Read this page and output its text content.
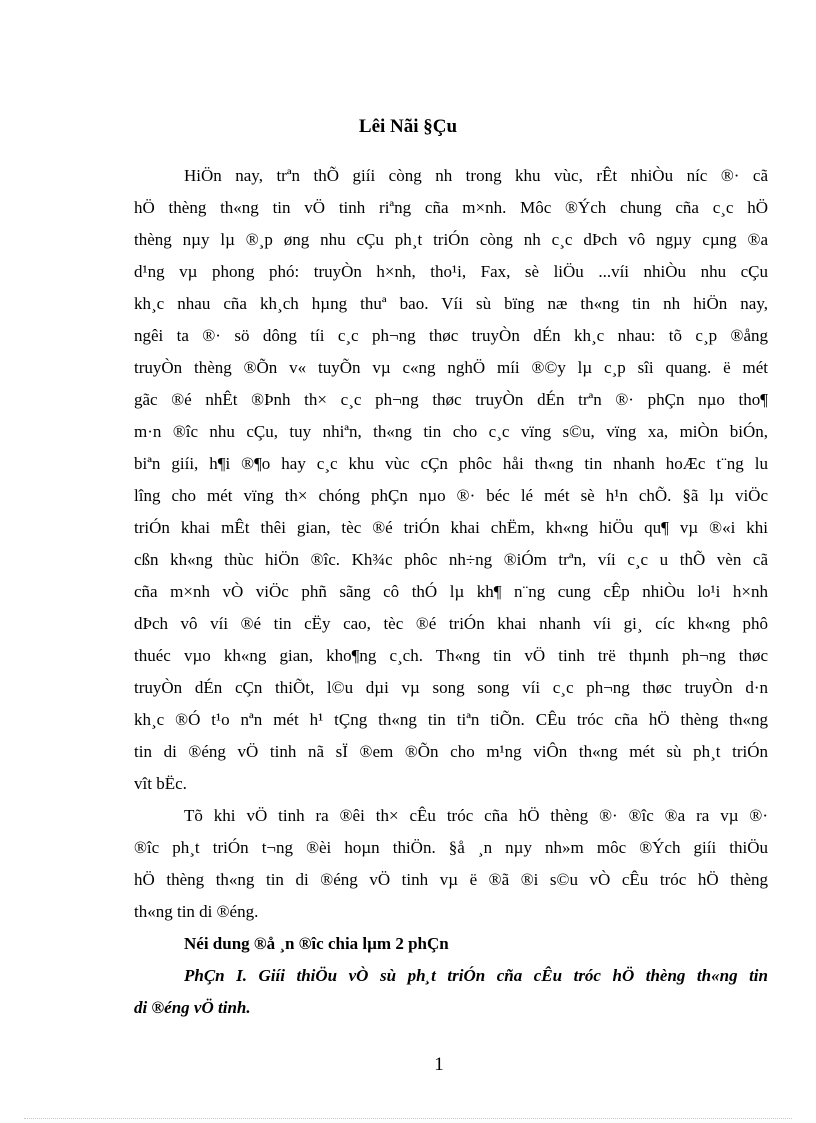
Lêi Nãi §Çu
HiÖn nay, trªn thÕ giíi còng nh trong khu vùc, rÊt nhiÒu níc ®· cã
hÖ thèng th«ng tin vÖ tinh riªng cña m×nh. Môc ®Ých chung cña c¸c hÖ
thèng nµy lµ ®¸p øng nhu cÇu ph¸t triÓn còng nh c¸c dÞch vô ngµy cµng ®a
d¹ng vµ phong phó: truyÒn h×nh, tho¹i, Fax, sè liÖu ...víi nhiÒu nhu cÇu
kh¸c nhau cña kh¸ch hµng thuª bao. Víi sù bïng næ th«ng tin nh hiÖn nay,
ngêi ta ®· sö dông tíi c¸c ph¬ng thøc truyÒn dÉn kh¸c nhau: tõ c¸p ®ång
truyÒn thèng ®Õn v« tuyÕn vµ c«ng nghÖ míi ®©y lµ c¸p sîi quang. ë mét
gãc ®é nhÊt ®Þnh th× c¸c ph¬ng thøc truyÒn dÉn trªn ®· phÇn nµo tho¶
m·n ®îc nhu cÇu, tuy nhiªn, th«ng tin cho c¸c vïng s©u, vïng xa, miÒn biÓn,
biªn giíi, h¶i ®¶o hay c¸c khu vùc cÇn phôc håi th«ng tin nhanh hoÆc t¨ng lu
lîng cho mét vïng th× chóng phÇn nµo ®· béc lé mét sè h¹n chÕ. §ã lµ viÖc
triÓn khai mÊt thêi gian, tèc ®é triÓn khai chËm, kh«ng hiÖu qu¶ vµ ®«i khi
cßn kh«ng thùc hiÖn ®îc. Kh¾c phôc nh÷ng ®iÓm trªn, víi c¸c u thÕ vèn cã
cña m×nh vÒ viÖc phñ sãng cô thÓ lµ kh¶ n¨ng cung cÊp nhiÒu lo¹i h×nh
dÞch vô víi ®é tin cËy cao, tèc ®é triÓn khai nhanh víi gi¸ cíc kh«ng phô
thuéc vµo kh«ng gian, kho¶ng c¸ch. Th«ng tin vÖ tinh trë thµnh ph¬ng thøc
truyÒn dÉn cÇn thiÕt, l©u dµi vµ song song víi c¸c ph¬ng thøc truyÒn d·n
kh¸c ®Ó t¹o nªn mét h¹ tÇng th«ng tin tiªn tiÕn. CÊu tróc cña hÖ thèng th«ng
tin di ®éng vÖ tinh nã sÏ ®em ®Õn cho m¹ng viÔn th«ng mét sù ph¸t triÓn
vît bËc.
Tõ khi vÖ tinh ra ®êi th× cÊu tróc cña hÖ thèng ®· ®îc ®a ra vµ ®·
®îc ph¸t triÓn t¬ng ®èi hoµn thiÖn. §å ¸n nµy nh»m môc ®Ých giíi thiÖu
hÖ thèng th«ng tin di ®éng vÖ tinh vµ ë ®ã ®i s©u vÒ cÊu tróc hÖ thèng
th«ng tin di ®éng.
Néi dung ®å ¸n ®îc chia lµm 2 phÇn
PhÇn I. Giíi thiÖu vÒ sù ph¸t triÓn cña cÊu tróc hÖ thèng th«ng tin
di ®éng vÖ tinh.
1
